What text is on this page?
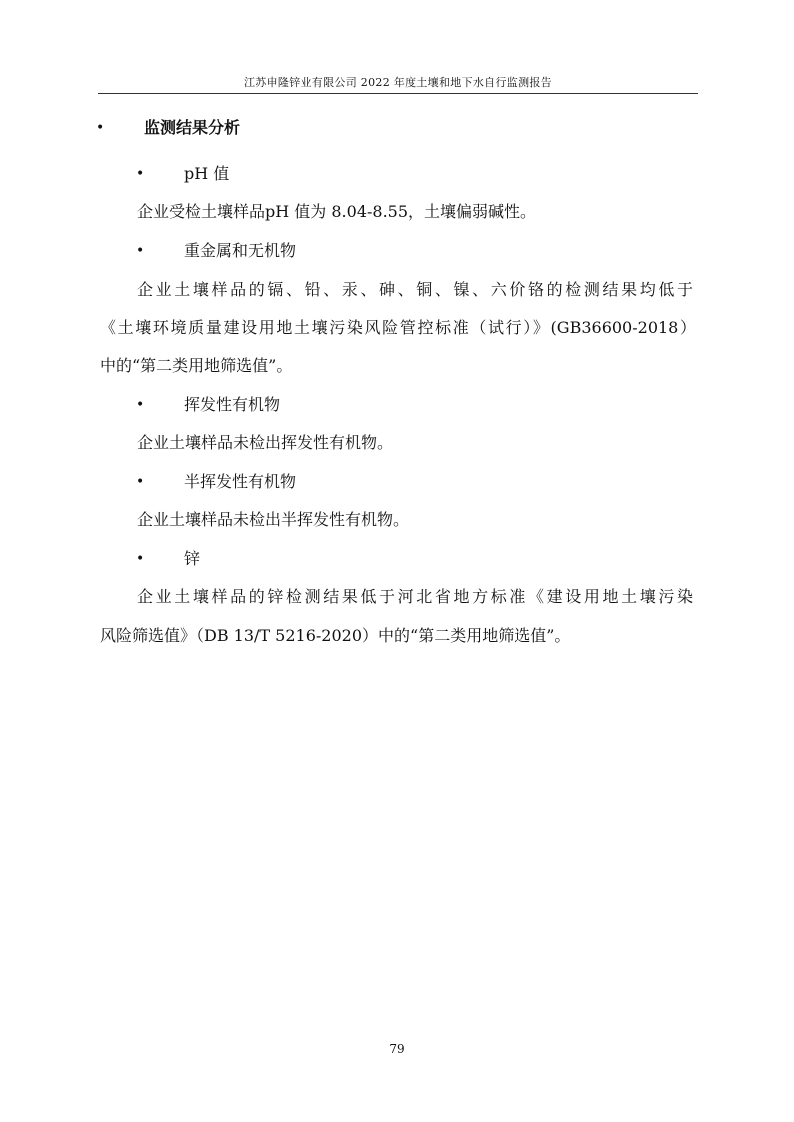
江苏申隆锌业有限公司 2022 年度土壤和地下水自行监测报告
• 监测结果分析
• pH 值
企业受检土壤样品pH 值为 8.04-8.55，土壤偏弱碱性。
• 重金属和无机物
企业土壤样品的镉、铅、汞、砷、铜、镍、六价铬的检测结果均低于
《土壤环境质量建设用地土壤污染风险管控标准（试行）》(GB36600-2018）
中的“第二类用地筛选值”。
• 挥发性有机物
企业土壤样品未检出挥发性有机物。
• 半挥发性有机物
企业土壤样品未检出半挥发性有机物。
• 锌
企业土壤样品的锌检测结果低于河北省地方标准《建设用地土壤污染
风险筛选值》（DB 13/T 5216-2020）中的“第二类用地筛选值”。
79
